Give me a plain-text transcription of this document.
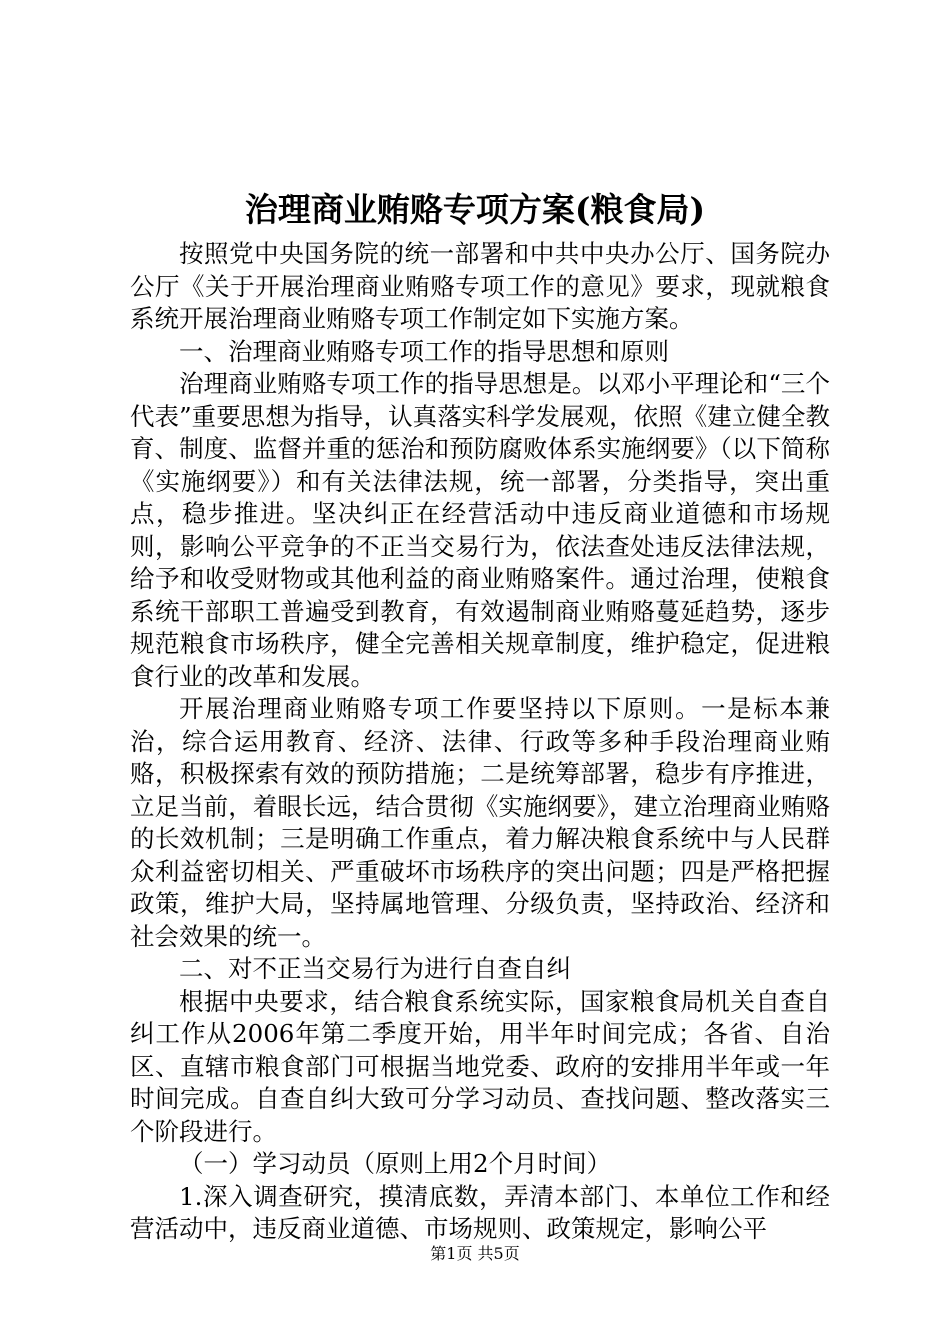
治理商业贿赂专项方案(粮食局)

按照党中央国务院的统一部署和中共中央办公厅、国务院办公厅《关于开展治理商业贿赂专项工作的意见》要求，现就粮食系统开展治理商业贿赂专项工作制定如下实施方案。

一、治理商业贿赂专项工作的指导思想和原则

治理商业贿赂专项工作的指导思想是。以邓小平理论和“三个代表”重要思想为指导，认真落实科学发展观，依照《建立健全教育、制度、监督并重的惩治和预防腐败体系实施纲要》（以下简称《实施纲要》）和有关法律法规，统一部署，分类指导，突出重点，稳步推进。坚决纠正在经营活动中违反商业道德和市场规则，影响公平竞争的不正当交易行为，依法查处违反法律法规，给予和收受财物或其他利益的商业贿赂案件。通过治理，使粮食系统干部职工普遍受到教育，有效遏制商业贿赂蔓延趋势，逐步规范粮食市场秩序，健全完善相关规章制度，维护稳定，促进粮食行业的改革和发展。

开展治理商业贿赂专项工作要坚持以下原则。一是标本兼治，综合运用教育、经济、法律、行政等多种手段治理商业贿赂，积极探索有效的预防措施；二是统筹部署，稳步有序推进，立足当前，着眼长远，结合贯彻《实施纲要》，建立治理商业贿赂的长效机制；三是明确工作重点，着力解决粮食系统中与人民群众利益密切相关、严重破坏市场秩序的突出问题；四是严格把握政策，维护大局，坚持属地管理、分级负责，坚持政治、经济和社会效果的统一。

二、对不正当交易行为进行自查自纠

根据中央要求，结合粮食系统实际，国家粮食局机关自查自纠工作从2006年第二季度开始，用半年时间完成；各省、自治区、直辖市粮食部门可根据当地党委、政府的安排用半年或一年时间完成。自查自纠大致可分学习动员、查找问题、整改落实三个阶段进行。

（一）学习动员（原则上用2个月时间）

1.深入调查研究，摸清底数，弄清本部门、本单位工作和经营活动中，违反商业道德、市场规则、政策规定，影响公平

第1页 共5页
